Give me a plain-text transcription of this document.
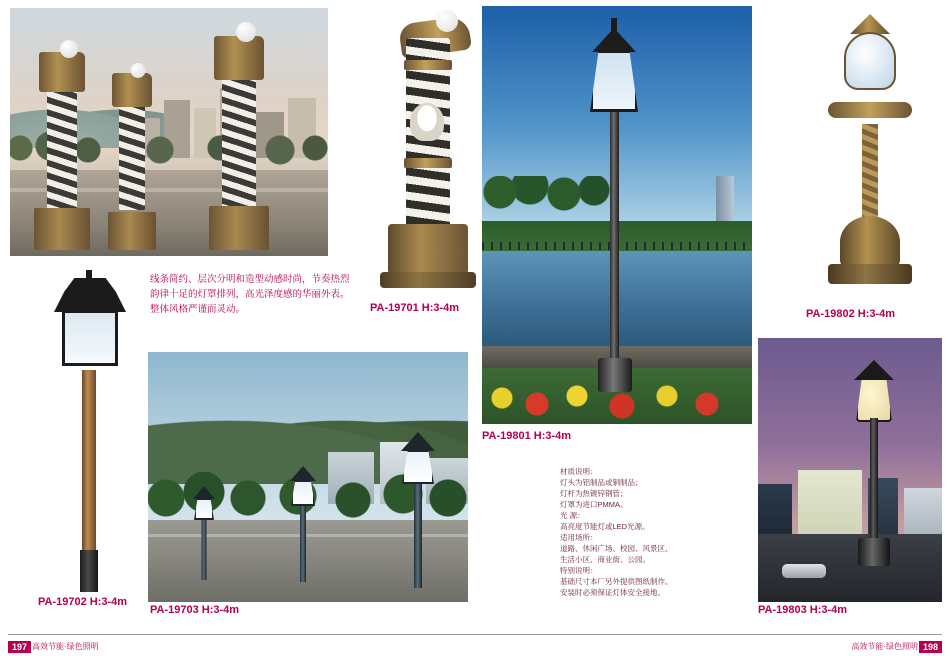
线条简约、层次分明和造型动感时尚，节奏热烈
韵律十足的灯罩排列，高光泽度感的华丽外表。
整体风格严谨而灵动。	PA-19701 H:3-4m
PA-19801 H:3-4m
PA-19802 H:3-4m
PA-19702 H:3-4m
PA-19703 H:3-4m	PA-19803 H:3-4m
材质说明：
灯头为铝制品或铜制品；
灯杆为热镀锌钢管；
灯罩为进口PMMA。
光 源：
高亮度节能灯或LED光源。
适用场所：
道路、休闲广场、校园、风景区、
生活小区、商业街、公园。
特别说明：
基础尺寸本厂另外提供图纸制作。
安装时必须保证灯体安全接地。
197 高效节能·绿色照明	198
高效节能·绿色照明
